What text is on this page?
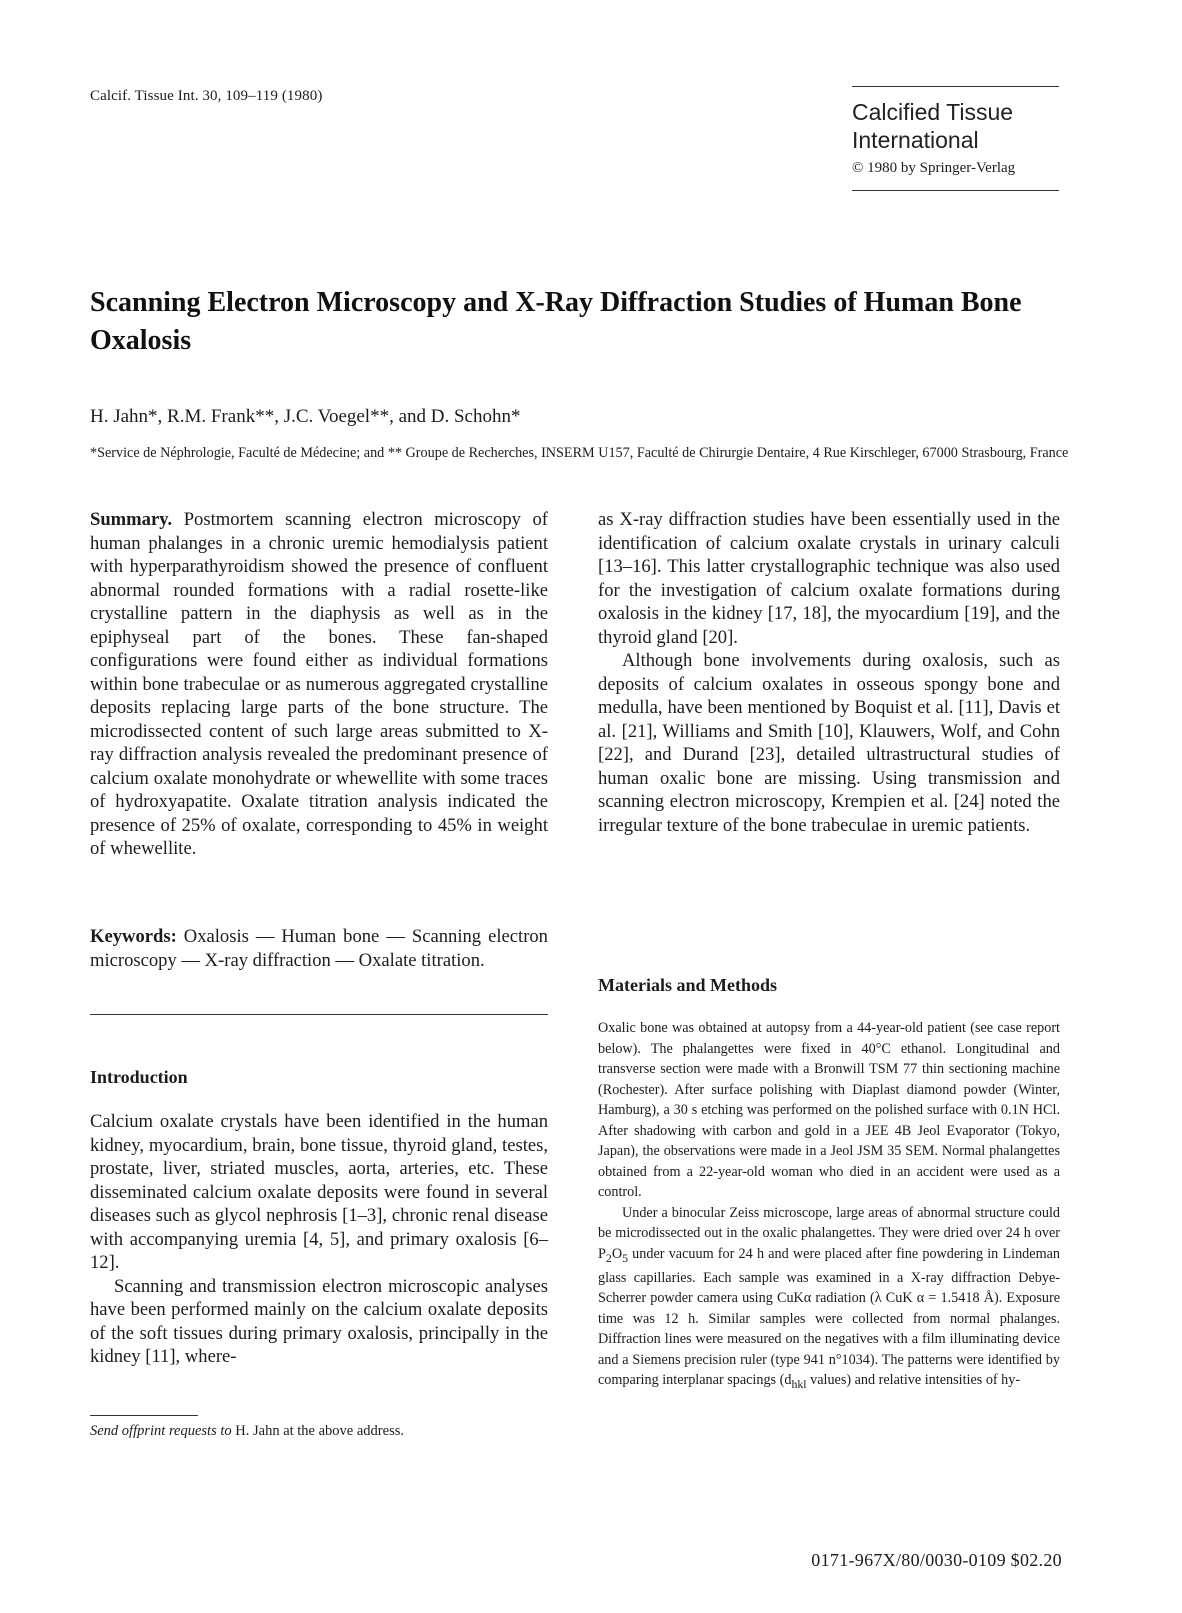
Calcif. Tissue Int. 30, 109–119 (1980)
Calcified Tissue
International
© 1980 by Springer-Verlag
Scanning Electron Microscopy and X-Ray Diffraction Studies of Human Bone Oxalosis
H. Jahn*, R.M. Frank**, J.C. Voegel**, and D. Schohn*
*Service de Néphrologie, Faculté de Médecine; and ** Groupe de Recherches, INSERM U157, Faculté de Chirurgie Dentaire, 4 Rue Kirschleger, 67000 Strasbourg, France

Summary. Postmortem scanning electron microscopy of human phalanges in a chronic uremic hemodialysis patient with hyperparathyroidism showed the presence of confluent abnormal rounded formations with a radial rosette-like crystalline pattern in the diaphysis as well as in the epiphyseal part of the bones. These fan-shaped configurations were found either as individual formations within bone trabeculae or as numerous aggregated crystalline deposits replacing large parts of the bone structure. The microdissected content of such large areas submitted to X-ray diffraction analysis revealed the predominant presence of calcium oxalate monohydrate or whewellite with some traces of hydroxyapatite. Oxalate titration analysis indicated the presence of 25% of oxalate, corresponding to 45% in weight of whewellite.

Keywords: Oxalosis — Human bone — Scanning electron microscopy — X-ray diffraction — Oxalate titration.

Introduction

Calcium oxalate crystals have been identified in the human kidney, myocardium, brain, bone tissue, thyroid gland, testes, prostate, liver, striated muscles, aorta, arteries, etc. These disseminated calcium oxalate deposits were found in several diseases such as glycol nephrosis [1–3], chronic renal disease with accompanying uremia [4, 5], and primary oxalosis [6–12].

Scanning and transmission electron microscopic analyses have been performed mainly on the calcium oxalate deposits of the soft tissues during primary oxalosis, principally in the kidney [11], where-

Send offprint requests to H. Jahn at the above address.

as X-ray diffraction studies have been essentially used in the identification of calcium oxalate crystals in urinary calculi [13–16]. This latter crystallographic technique was also used for the investigation of calcium oxalate formations during oxalosis in the kidney [17, 18], the myocardium [19], and the thyroid gland [20].

Although bone involvements during oxalosis, such as deposits of calcium oxalates in osseous spongy bone and medulla, have been mentioned by Boquist et al. [11], Davis et al. [21], Williams and Smith [10], Klauwers, Wolf, and Cohn [22], and Durand [23], detailed ultrastructural studies of human oxalic bone are missing. Using transmission and scanning electron microscopy, Krempien et al. [24] noted the irregular texture of the bone trabeculae in uremic patients.

Materials and Methods

Oxalic bone was obtained at autopsy from a 44-year-old patient (see case report below). The phalangettes were fixed in 40°C ethanol. Longitudinal and transverse section were made with a Bronwill TSM 77 thin sectioning machine (Rochester). After surface polishing with Diaplast diamond powder (Winter, Hamburg), a 30 s etching was performed on the polished surface with 0.1N HCl. After shadowing with carbon and gold in a JEE 4B Jeol Evaporator (Tokyo, Japan), the observations were made in a Jeol JSM 35 SEM. Normal phalangettes obtained from a 22-year-old woman who died in an accident were used as a control.

Under a binocular Zeiss microscope, large areas of abnormal structure could be microdissected out in the oxalic phalangettes. They were dried over 24 h over $P_2O_5$ under vacuum for 24 h and were placed after fine powdering in Lindeman glass capillaries. Each sample was examined in a X-ray diffraction Debye-Scherrer powder camera using CuKα radiation (λ CuK α = 1.5418 Å). Exposure time was 12 h. Similar samples were collected from normal phalanges. Diffraction lines were measured on the negatives with a film illuminating device and a Siemens precision ruler (type 941 n°1034). The patterns were identified by comparing interplanar spacings ($d_{hkl}$ values) and relative intensities of hy-

0171-967X/80/0030-0109 $02.20
